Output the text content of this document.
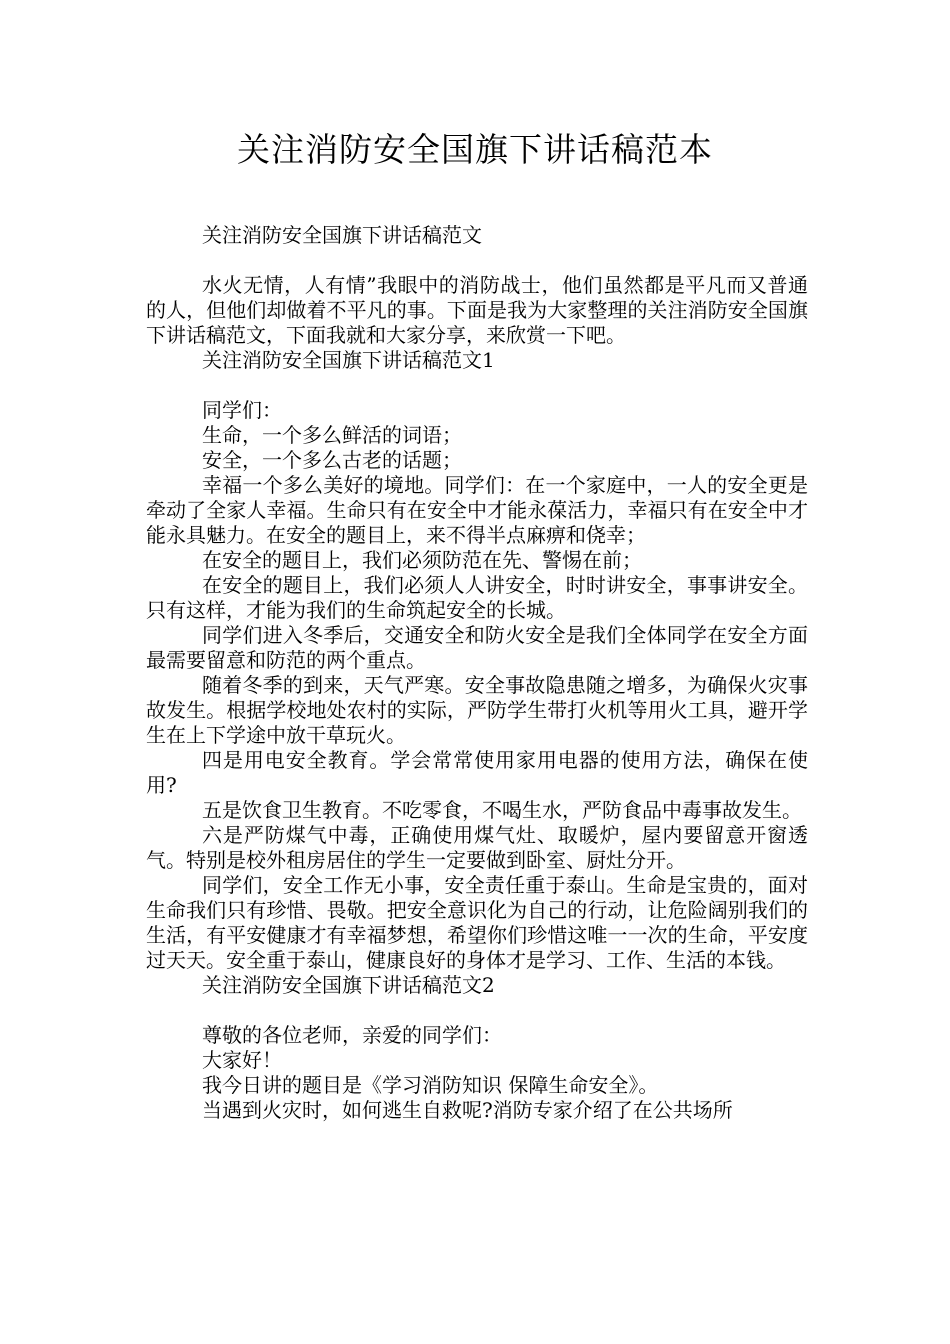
关注消防安全国旗下讲话稿范本

关注消防安全国旗下讲话稿范文

水火无情，人有情”我眼中的消防战士，他们虽然都是平凡而又普通的人，但他们却做着不平凡的事。下面是我为大家整理的关注消防安全国旗下讲话稿范文，下面我就和大家分享，来欣赏一下吧。

关注消防安全国旗下讲话稿范文1

同学们：

生命，一个多么鲜活的词语；

安全，一个多么古老的话题；

幸福一个多么美好的境地。同学们：在一个家庭中，一人的安全更是牵动了全家人幸福。生命只有在安全中才能永葆活力，幸福只有在安全中才能永具魅力。在安全的题目上，来不得半点麻痹和侥幸；

在安全的题目上，我们必须防范在先、警惕在前；

在安全的题目上，我们必须人人讲安全，时时讲安全，事事讲安全。只有这样，才能为我们的生命筑起安全的长城。

同学们进入冬季后，交通安全和防火安全是我们全体同学在安全方面最需要留意和防范的两个重点。

随着冬季的到来，天气严寒。安全事故隐患随之增多，为确保火灾事故发生。根据学校地处农村的实际，严防学生带打火机等用火工具，避开学生在上下学途中放干草玩火。

四是用电安全教育。学会常常使用家用电器的使用方法，确保在使用?

五是饮食卫生教育。不吃零食，不喝生水，严防食品中毒事故发生。

六是严防煤气中毒，正确使用煤气灶、取暖炉，屋内要留意开窗透气。特别是校外租房居住的学生一定要做到卧室、厨灶分开。

同学们，安全工作无小事，安全责任重于泰山。生命是宝贵的，面对生命我们只有珍惜、畏敬。把安全意识化为自己的行动，让危险阔别我们的生活，有平安健康才有幸福梦想，希望你们珍惜这唯一一次的生命，平安度过天天。安全重于泰山，健康良好的身体才是学习、工作、生活的本钱。

关注消防安全国旗下讲话稿范文2

尊敬的各位老师，亲爱的同学们：

大家好！

我今日讲的题目是《学习消防知识 保障生命安全》。

当遇到火灾时，如何逃生自救呢?消防专家介绍了在公共场所
